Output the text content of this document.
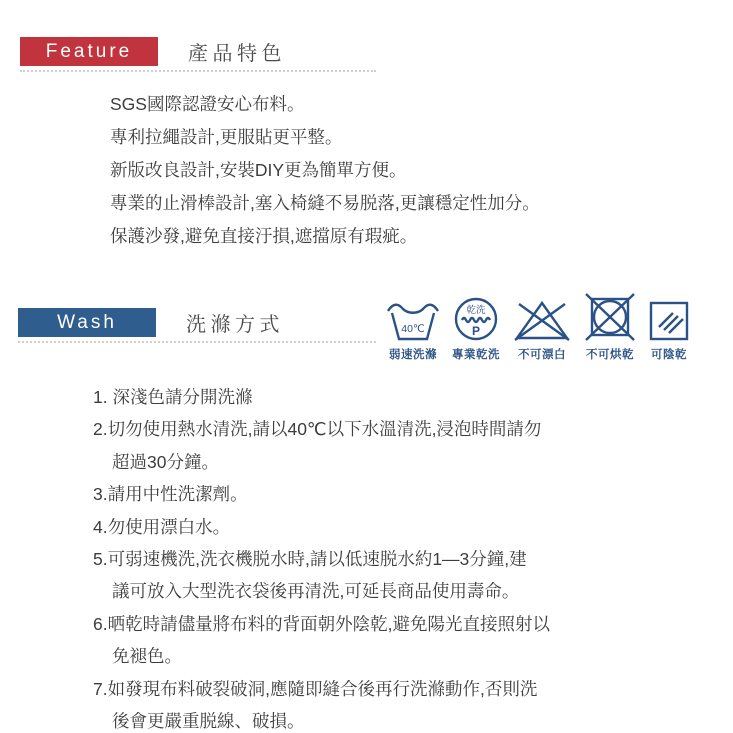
Feature	產品特色

SGS國際認證安心布料。

專利拉繩設計,更服貼更平整。

新版改良設計,安裝DIY更為簡單方便。

專業的止滑棒設計,塞入椅縫不易脱落,更讓穩定性加分。

保護沙發,避免直接汙損,遮擋原有瑕疵。

Wash	洗滌方式	40℃
弱速洗滌
乾洗
P
專業乾洗 不可漂白 不可烘乾 可陰乾
1. 深淺色請分開洗滌
2.切勿使用熱水清洗,請以40℃以下水溫清洗,浸泡時間請勿
超過30分鐘。
3.請用中性洗潔劑。
4.勿使用漂白水。
5.可弱速機洗,洗衣機脱水時,請以低速脱水約1—3分鐘,建
議可放入大型洗衣袋後再清洗,可延長商品使用壽命。
6.晒乾時請儘量將布料的背面朝外陰乾,避免陽光直接照射以
免褪色。
7.如發現布料破裂破洞,應隨即縫合後再行洗滌動作,否則洗
後會更嚴重脱線、破損。
